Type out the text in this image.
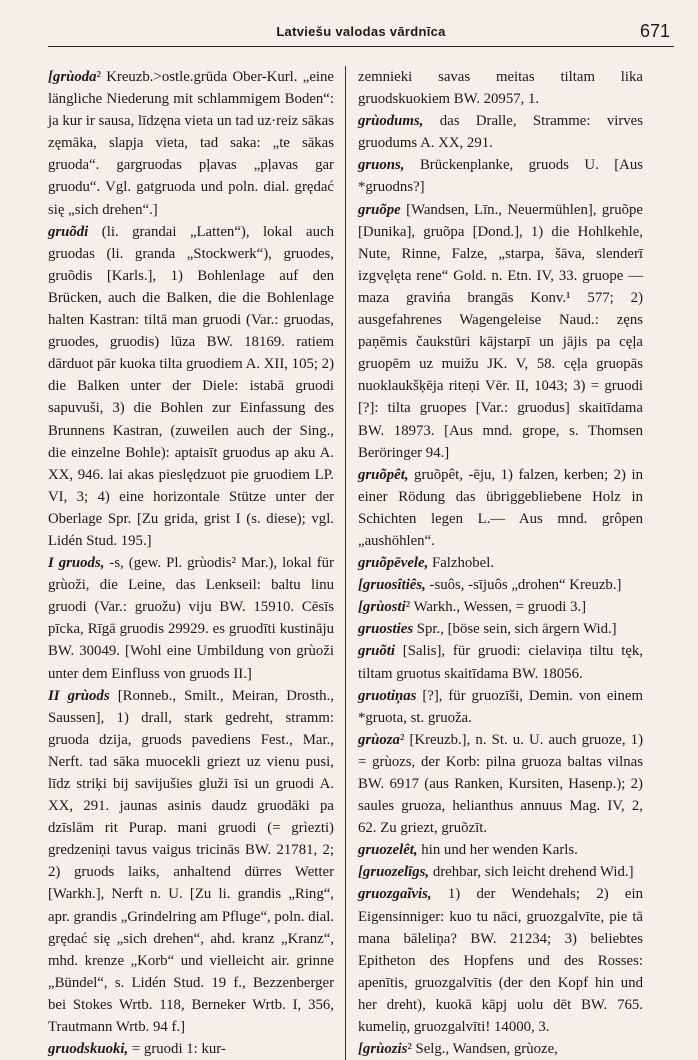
Latviešu valodas vārdnīca	671

[grùoda² Kreuzb.>ostle.grūda Ober-Kurl. „eine längliche Niederung mit schlammigem Boden“: ja kur ir sausa, līdzęna vieta un tad uz·reiz sākas zęmāka, slapja vieta, tad saka: „te sākas gruoda“. gargruodas pļavas „pļavas gar gruodu“. Vgl. gatgruoda und poln. dial. grędać się „sich drehen“.]

gruõdi (li. grandai „Latten“), lokal auch gruodas (li. granda „Stockwerk“), gruodes, gruõdis [Karls.], 1) Bohlenlage auf den Brücken, auch die Balken, die die Bohlenlage halten Kastran: tiltā man gruodi (Var.: gruodas, gruodes, gruodis) lūza BW. 18169. ratiem dārduot pār kuoka tilta gruodiem A. XII, 105; 2) die Balken unter der Diele: istabā gruodi sapuvuši, 3) die Bohlen zur Einfassung des Brunnens Kastran, (zuweilen auch der Sing., die einzelne Bohle): aptaisīt gruodus ap aku A. XX, 946. lai akas pieslędzuot pie gruodiem LP. VI, 3; 4) eine horizontale Stütze unter der Oberlage Spr. [Zu grida, grist I (s. diese); vgl. Lidén Stud. 195.]

I gruods, -s, (gew. Pl. grùodis² Mar.), lokal für grùoži, die Leine, das Lenkseil: baltu linu gruodi (Var.: gruožu) viju BW. 15910. Cēsīs pīcka, Rīgā gruodis 29929. es gruodīti kustināju BW. 30049. [Wohl eine Umbildung von grùoži unter dem Einfluss von gruods II.]

II grùods [Ronneb., Smilt., Meiran, Drosth., Saussen], 1) drall, stark gedreht, stramm: gruoda dzija, gruods pavediens Fest., Mar., Nerft. tad sāka muocekli griezt uz vienu pusi, līdz striķi bij savijušies gluži īsi un gruodi A. XX, 291. jaunas asinis daudz gruodāki pa dzīslām rit Purap. mani gruodi (= grìezti) gredzeniņi tavus vaigus tricinās BW. 21781, 2; 2) gruods laiks, anhaltend dürres Wetter [Warkh.], Nerft n. U. [Zu li. grandis „Ring“, apr. grandis „Grindelring am Pfluge“, poln. dial. grędać się „sich drehen“, ahd. kranz „Kranz“, mhd. krenze „Korb“ und vielleicht air. grinne „Bündel“, s. Lidén Stud. 19 f., Bezzenberger bei Stokes Wrtb. 118, Berneker Wrtb. I, 356, Trautmann Wrtb. 94 f.]

gruodskuoki, = gruodi 1: kur-

zemnieki savas meitas tiltam lika gruodskuokiem BW. 20957, 1.

grùodums, das Dralle, Stramme: virves gruodums A. XX, 291.

gruons, Brückenplanke, gruods U. [Aus *gruodns?]

gruõpe [Wandsen, Līn., Neuermühlen], gruõpe [Dunika], gruõpa [Dond.], 1) die Hohlkehle, Nute, Rinne, Falze, „starpa, šāva, slenderī izgvęlęta rene“ Gold. n. Etn. IV, 33. gruope — maza gravińa brangās Konv.¹ 577; 2) ausgefahrenes Wagengeleise Naud.: zęns paņēmis čaukstūri kājstarpī un jājis pa cęļa gruopēm uz muižu JK. V, 58. cęļa gruopās nuoklaukšķēja riteņi Vēr. II, 1043; 3) = gruodi [?]: tilta gruopes [Var.: gruodus] skaitīdama BW. 18973. [Aus mnd. grope, s. Thomsen Beröringer 94.]

gruõpêt, gruõpêt, -ēju, 1) falzen, kerben; 2) in einer Rödung das übriggebliebene Holz in Schichten legen L.— Aus mnd. grôpen „aushöhlen“.

gruõpēvele, Falzhobel.

[gruosîtiês, -suôs, -sījuôs „drohen“ Kreuzb.]

[grùosti² Warkh., Wessen, = gruodi 3.]

gruosties Spr., [böse sein, sich ärgern Wid.]

gruõti [Salis], für gruodi: cielaviņa tiltu tęk, tiltam gruotus skaitīdama BW. 18056.

gruotiņas [?], für gruozīši, Demin. von einem *gruota, st. gruoža.

grùoza² [Kreuzb.], n. St. u. U. auch gruoze, 1) = grùozs, der Korb: pilna gruoza baltas vilnas BW. 6917 (aus Ranken, Kursiten, Hasenp.); 2) saules gruoza, helianthus annuus Mag. IV, 2, 62. Zu griezt, gruõzīt.

gruozelêt, hin und her wenden Karls.

[gruozelīgs, drehbar, sich leicht drehend Wid.]

gruozgaĩvis, 1) der Wendehals; 2) ein Eigensinniger: kuo tu nāci, gruozgalvīte, pie tā mana bāleliņa? BW. 21234; 3) beliebtes Epitheton des Hopfens und des Rosses: apenītis, gruozgalvītis (der den Kopf hin und her dreht), kuokā kāpj uolu dēt BW. 765. kumeliņ, gruozgalvīti! 14000, 3.

[grùozis² Selg., Wandsen, grùoze,
